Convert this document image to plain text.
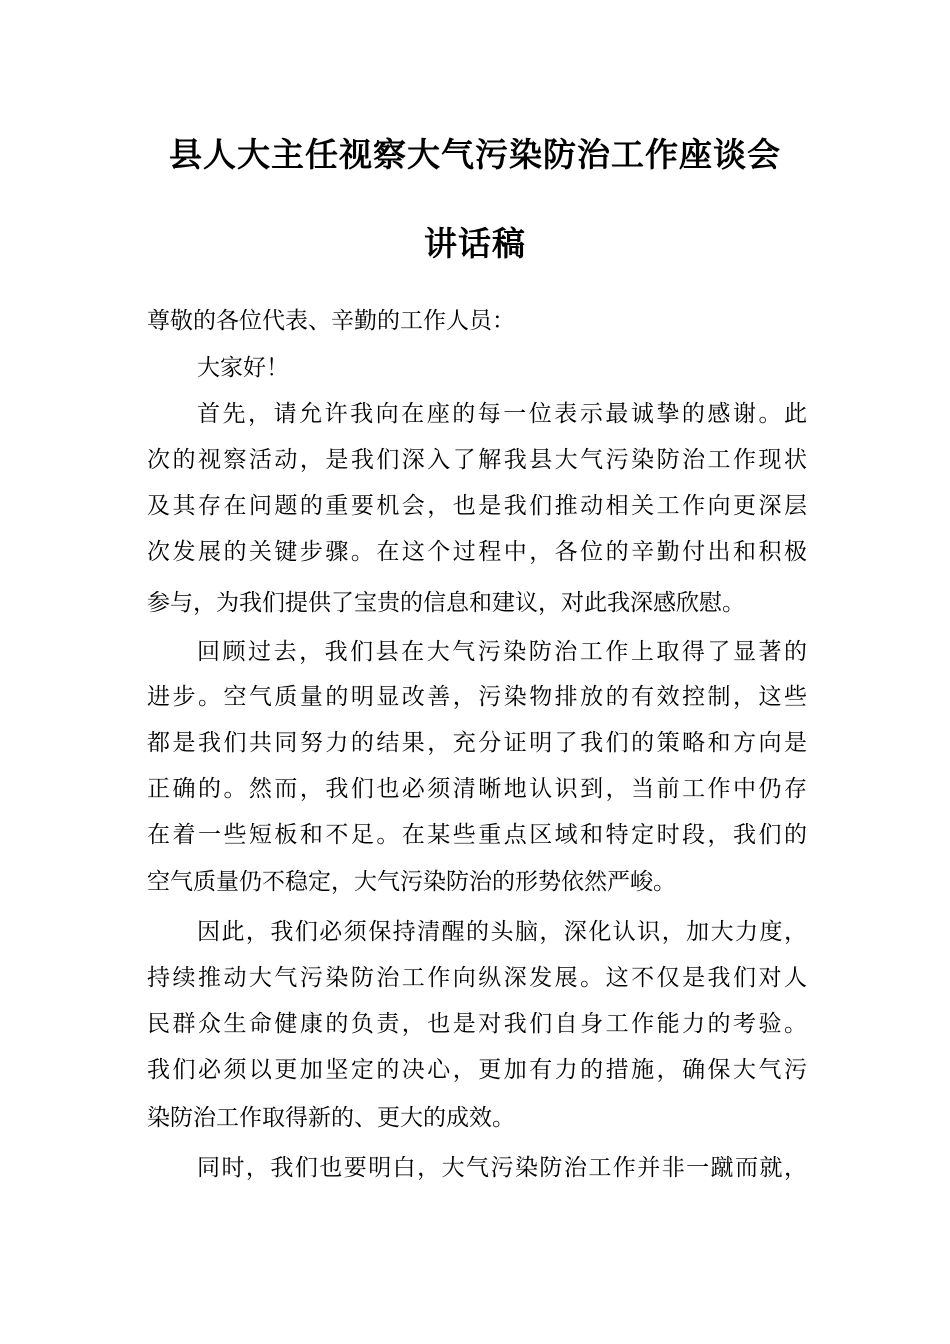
县人大主任视察大气污染防治工作座谈会
讲话稿
尊敬的各位代表、辛勤的工作人员：
大家好！
首先，请允许我向在座的每一位表示最诚挚的感谢。此
次的视察活动，是我们深入了解我县大气污染防治工作现状
及其存在问题的重要机会，也是我们推动相关工作向更深层
次发展的关键步骤。在这个过程中，各位的辛勤付出和积极
参与，为我们提供了宝贵的信息和建议，对此我深感欣慰。
回顾过去，我们县在大气污染防治工作上取得了显著的
进步。空气质量的明显改善，污染物排放的有效控制，这些
都是我们共同努力的结果，充分证明了我们的策略和方向是
正确的。然而，我们也必须清晰地认识到，当前工作中仍存
在着一些短板和不足。在某些重点区域和特定时段，我们的
空气质量仍不稳定，大气污染防治的形势依然严峻。
因此，我们必须保持清醒的头脑，深化认识，加大力度，
持续推动大气污染防治工作向纵深发展。这不仅是我们对人
民群众生命健康的负责，也是对我们自身工作能力的考验。
我们必须以更加坚定的决心，更加有力的措施，确保大气污
染防治工作取得新的、更大的成效。
同时，我们也要明白，大气污染防治工作并非一蹴而就，
